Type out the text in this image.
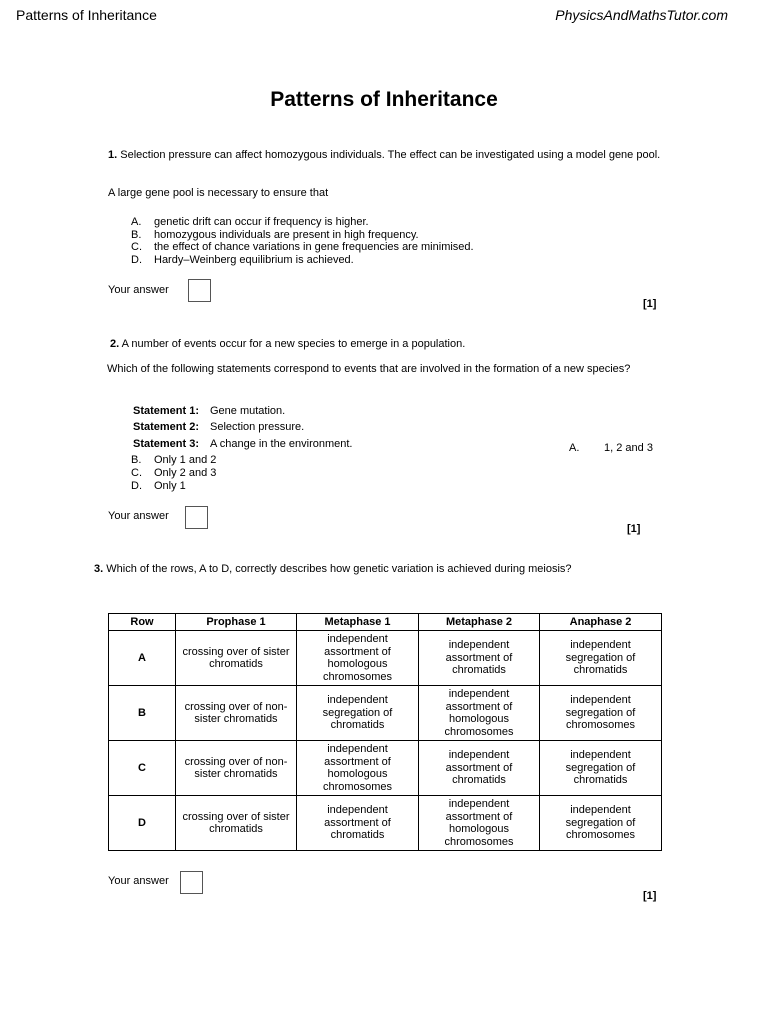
Patterns of Inheritance	PhysicsAndMathsTutor.com
Patterns of Inheritance
1. Selection pressure can affect homozygous individuals. The effect can be investigated using a model gene pool.
A large gene pool is necessary to ensure that
A. genetic drift can occur if frequency is higher.
B. homozygous individuals are present in high frequency.
C. the effect of chance variations in gene frequencies are minimised.
D. Hardy–Weinberg equilibrium is achieved.
Your answer
[1]
2. A number of events occur for a new species to emerge in a population.
Which of the following statements correspond to events that are involved in the formation of a new species?
Statement 1: Gene mutation.
Statement 2: Selection pressure.
Statement 3: A change in the environment.	A. 1, 2 and 3
B. Only 1 and 2
C. Only 2 and 3
D. Only 1
Your answer
[1]
3. Which of the rows, A to D, correctly describes how genetic variation is achieved during meiosis?
Row	Prophase 1	Metaphase 1	Metaphase 2	Anaphase 2
A	crossing over of sister chromatids	independent assortment of homologous chromosomes	independent assortment of chromatids	independent segregation of chromatids
B	crossing over of non-sister chromatids	independent segregation of chromatids	independent assortment of homologous chromosomes	independent segregation of chromosomes
C	crossing over of non-sister chromatids	independent assortment of homologous chromosomes	independent assortment of chromatids	independent segregation of chromatids
D	crossing over of sister chromatids	independent assortment of chromatids	independent assortment of homologous chromosomes	independent segregation of chromosomes
Your answer
[1]
